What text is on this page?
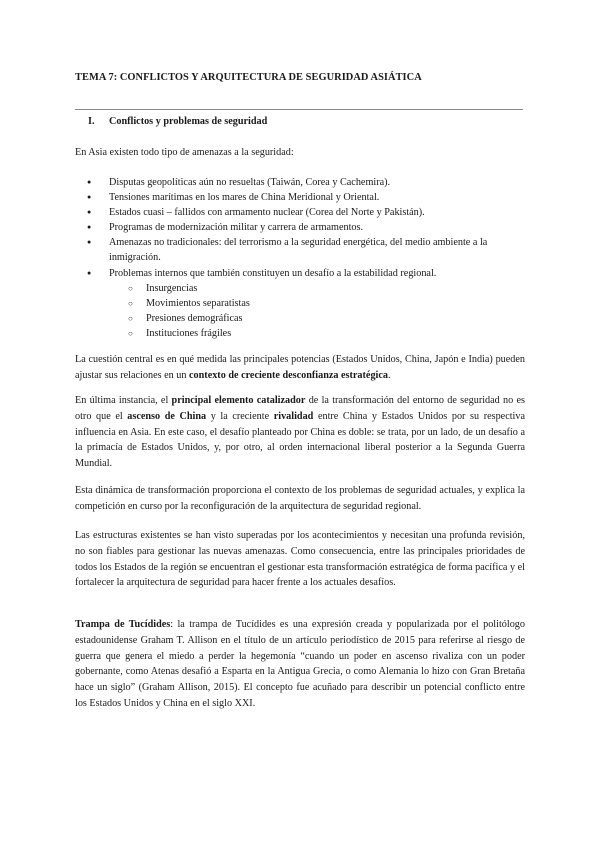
TEMA 7: CONFLICTOS Y ARQUITECTURA DE SEGURIDAD ASIÁTICA
I. Conflictos y problemas de seguridad
En Asia existen todo tipo de amenazas a la seguridad:
● Disputas geopolíticas aún no resueltas (Taiwán, Corea y Cachemira).
● Tensiones marítimas en los mares de China Meridional y Oriental.
● Estados cuasi – fallidos con armamento nuclear (Corea del Norte y Pakistán).
● Programas de modernización militar y carrera de armamentos.
● Amenazas no tradicionales: del terrorismo a la seguridad energética, del medio ambiente a la inmigración.
● Problemas internos que también constituyen un desafío a la estabilidad regional.
○ Insurgencias
○ Movimientos separatistas
○ Presiones demográficas
○ Instituciones frágiles
La cuestión central es en qué medida las principales potencias (Estados Unidos, China, Japón e India) pueden ajustar sus relaciones en un contexto de creciente desconfianza estratégica.
En última instancia, el principal elemento catalizador de la transformación del entorno de seguridad no es otro que el ascenso de China y la creciente rivalidad entre China y Estados Unidos por su respectiva influencia en Asia. En este caso, el desafío planteado por China es doble: se trata, por un lado, de un desafío a la primacía de Estados Unidos, y, por otro, al orden internacional liberal posterior a la Segunda Guerra Mundial.
Esta dinámica de transformación proporciona el contexto de los problemas de seguridad actuales, y explica la competición en curso por la reconfiguración de la arquitectura de seguridad regional.
Las estructuras existentes se han visto superadas por los acontecimientos y necesitan una profunda revisión, no son fiables para gestionar las nuevas amenazas. Como consecuencia, entre las principales prioridades de todos los Estados de la región se encuentran el gestionar esta transformación estratégica de forma pacífica y el fortalecer la arquitectura de seguridad para hacer frente a los actuales desafíos.
Trampa de Tucídides: la trampa de Tucídides es una expresión creada y popularizada por el politólogo estadounidense Graham T. Allison en el título de un artículo periodístico de 2015 para referirse al riesgo de guerra que genera el miedo a perder la hegemonía “cuando un poder en ascenso rivaliza con un poder gobernante, como Atenas desafió a Esparta en la Antigua Grecia, o como Alemania lo hizo con Gran Bretaña hace un siglo” (Graham Allison, 2015). El concepto fue acuñado para describir un potencial conflicto entre los Estados Unidos y China en el siglo XXI.
